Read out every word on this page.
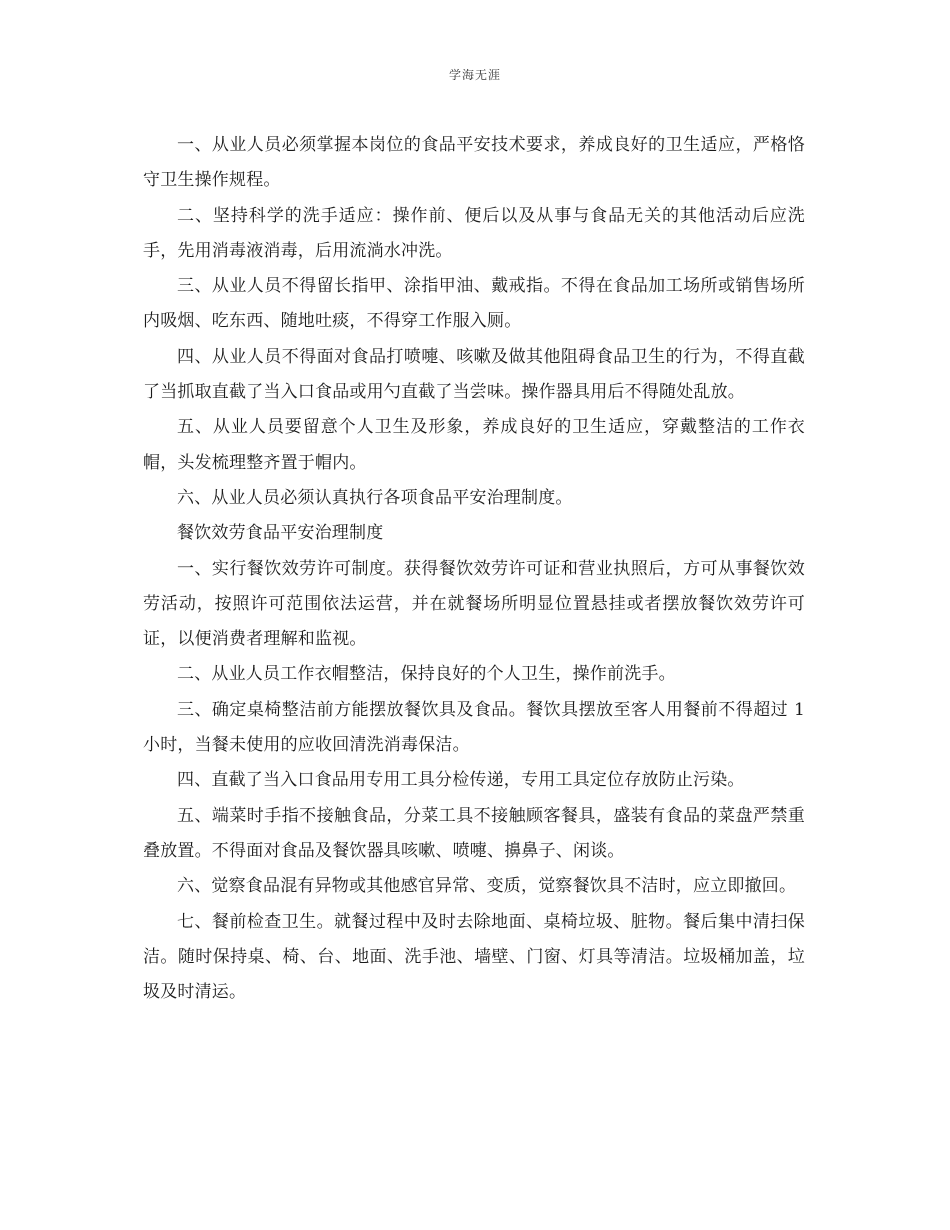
学海无涯

一、从业人员必须掌握本岗位的食品平安技术要求，养成良好的卫生适应，严格恪守卫生操作规程。

二、坚持科学的洗手适应：操作前、便后以及从事与食品无关的其他活动后应洗手，先用消毒液消毒，后用流淌水冲洗。

三、从业人员不得留长指甲、涂指甲油、戴戒指。不得在食品加工场所或销售场所内吸烟、吃东西、随地吐痰，不得穿工作服入厕。

四、从业人员不得面对食品打喷嚏、咳嗽及做其他阻碍食品卫生的行为，不得直截了当抓取直截了当入口食品或用勺直截了当尝味。操作器具用后不得随处乱放。

五、从业人员要留意个人卫生及形象，养成良好的卫生适应，穿戴整洁的工作衣帽，头发梳理整齐置于帽内。

六、从业人员必须认真执行各项食品平安治理制度。

餐饮效劳食品平安治理制度

一、实行餐饮效劳许可制度。获得餐饮效劳许可证和营业执照后，方可从事餐饮效劳活动，按照许可范围依法运营，并在就餐场所明显位置悬挂或者摆放餐饮效劳许可证，以便消费者理解和监视。

二、从业人员工作衣帽整洁，保持良好的个人卫生，操作前洗手。

三、确定桌椅整洁前方能摆放餐饮具及食品。餐饮具摆放至客人用餐前不得超过 1 小时，当餐未使用的应收回清洗消毒保洁。

四、直截了当入口食品用专用工具分检传递，专用工具定位存放防止污染。

五、端菜时手指不接触食品，分菜工具不接触顾客餐具，盛装有食品的菜盘严禁重叠放置。不得面对食品及餐饮器具咳嗽、喷嚏、擤鼻子、闲谈。

六、觉察食品混有异物或其他感官异常、变质，觉察餐饮具不洁时，应立即撤回。

七、餐前检查卫生。就餐过程中及时去除地面、桌椅垃圾、脏物。餐后集中清扫保洁。随时保持桌、椅、台、地面、洗手池、墙壁、门窗、灯具等清洁。垃圾桶加盖，垃圾及时清运。
